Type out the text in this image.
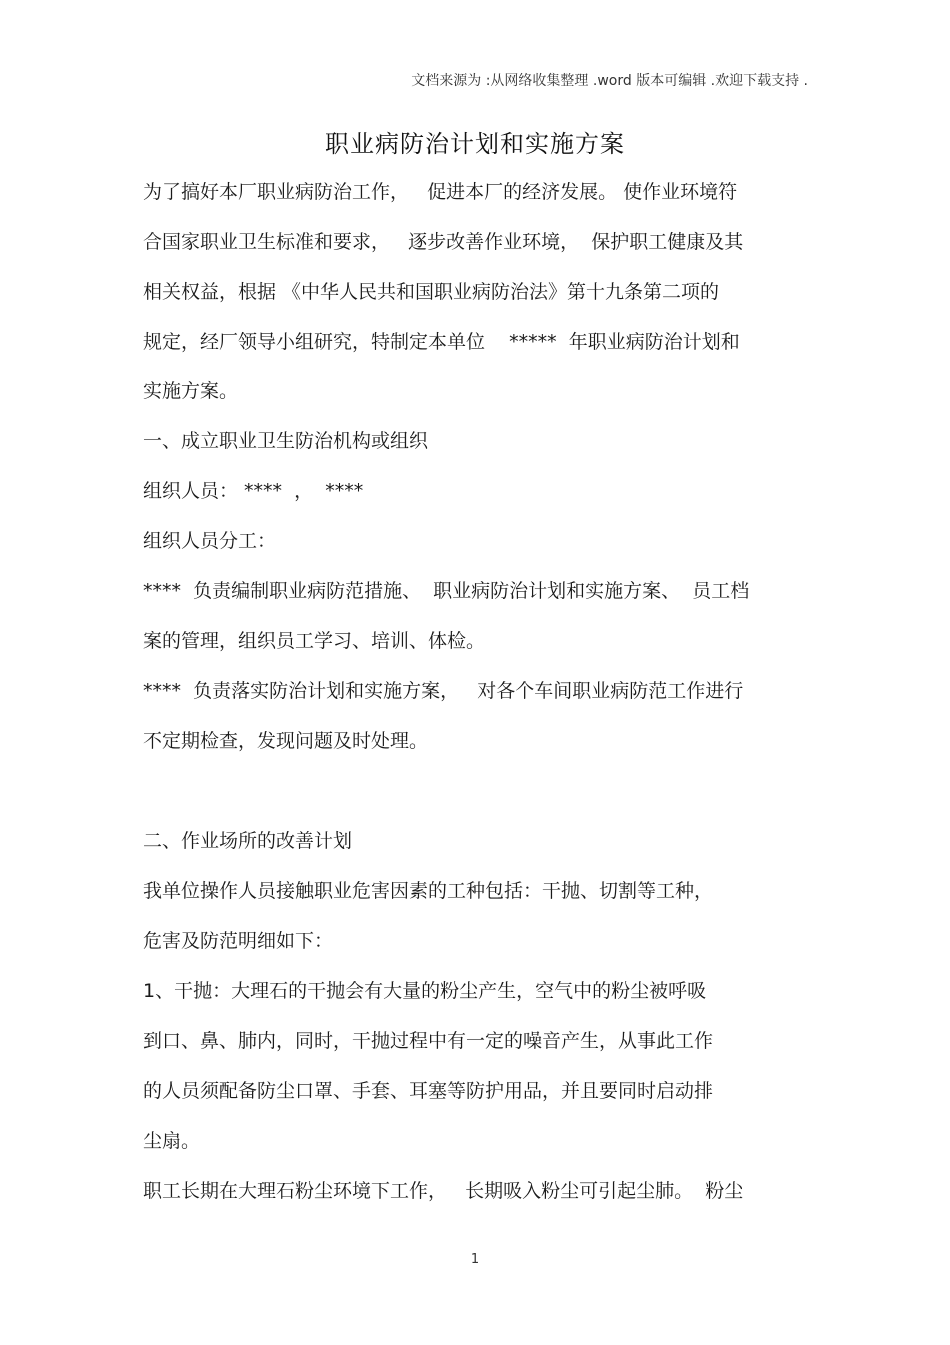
文档来源为 :从网络收集整理 .word 版本可编辑 .欢迎下载支持 .
职业病防治计划和实施方案
为了搞好本厂职业病防治工作，   促进本厂的经济发展。 使作业环境符
合国家职业卫生标准和要求，   逐步改善作业环境，  保护职工健康及其
相关权益，根据 《中华人民共和国职业病防治法》第十九条第二项的
规定，经厂领导小组研究，特制定本单位    *****  年职业病防治计划和
实施方案。
一、成立职业卫生防治机构或组织
组织人员： ****  ，  ****
组织人员分工：
****  负责编制职业病防范措施、  职业病防治计划和实施方案、  员工档
案的管理，组织员工学习、培训、体检。
****  负责落实防治计划和实施方案，   对各个车间职业病防范工作进行
不定期检查，发现问题及时处理。
二、作业场所的改善计划
我单位操作人员接触职业危害因素的工种包括：干抛、切割等工种，
危害及防范明细如下：
1、干抛：大理石的干抛会有大量的粉尘产生，空气中的粉尘被呼吸
到口、鼻、肺内，同时，干抛过程中有一定的噪音产生，从事此工作
的人员须配备防尘口罩、手套、耳塞等防护用品，并且要同时启动排
尘扇。
职工长期在大理石粉尘环境下工作，   长期吸入粉尘可引起尘肺。  粉尘
1
